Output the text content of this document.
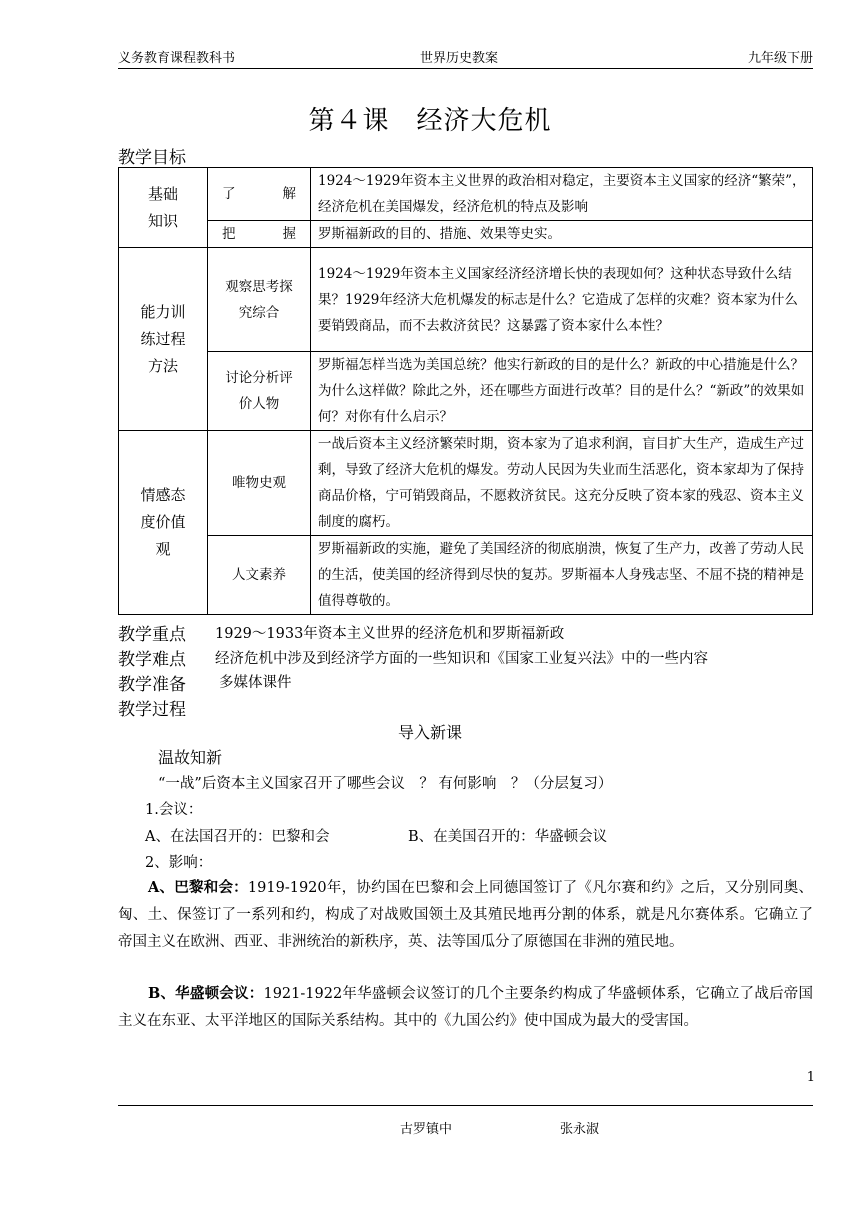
义务教育课程教科书	世界历史教案	九年级下册
第４课　经济大危机
教学目标
基础知识	了　　解	1924～1929年资本主义世界的政治相对稳定，主要资本主义国家的经济“繁荣”，经济危机在美国爆发，经济危机的特点及影响

	把　　握	罗斯福新政的目的、措施、效果等史实。
能力训练过程方法	观察思考探究综合	1924～1929年资本主义国家经济经济增长快的表现如何？这种状态导致什么结果？1929年经济大危机爆发的标志是什么？它造成了怎样的灾难？资本家为什么要销毁商品，而不去救济贫民？这暴露了资本家什么本性？
	讨论分析评价人物	罗斯福怎样当选为美国总统？他实行新政的目的是什么？新政的中心措施是什么？为什么这样做？除此之外，还在哪些方面进行改革？目的是什么？“新政”的效果如何？对你有什么启示？
情感态度价值观	唯物史观	一战后资本主义经济繁荣时期，资本家为了追求利润，盲目扩大生产，造成生产过剩，导致了经济大危机的爆发。劳动人民因为失业而生活恶化，资本家却为了保持商品价格，宁可销毁商品，不愿救济贫民。这充分反映了资本家的残忍、资本主义制度的腐朽。
	人文素养	罗斯福新政的实施，避免了美国经济的彻底崩溃，恢复了生产力，改善了劳动人民的生活，使美国的经济得到尽快的复苏。罗斯福本人身残志坚、不屈不挠的精神是值得尊敬的。
教学重点 1929～1933年资本主义世界的经济危机和罗斯福新政
教学难点 经济危机中涉及到经济学方面的一些知识和《国家工业复兴法》中的一些内容
教学准备 多媒体课件
教学过程
导入新课
温故知新
“一战”后资本主义国家召开了哪些会议　？ 有何影响　？（分层复习）
1.会议：
A、在法国召开的：巴黎和会	B、在美国召开的：华盛顿会议
2、影响：
A、巴黎和会：1919-1920年，协约国在巴黎和会上同德国签订了《凡尔赛和约》之后，又分别同奥、匈、土、保签订了一系列和约，构成了对战败国领土及其殖民地再分割的体系，就是凡尔赛体系。它确立了帝国主义在欧洲、西亚、非洲统治的新秩序，英、法等国瓜分了原德国在非洲的殖民地。
B、华盛顿会议：1921-1922年华盛顿会议签订的几个主要条约构成了华盛顿体系，它确立了战后帝国主义在东亚、太平洋地区的国际关系结构。其中的《九国公约》使中国成为最大的受害国。
1
古罗镇中	张永淑
